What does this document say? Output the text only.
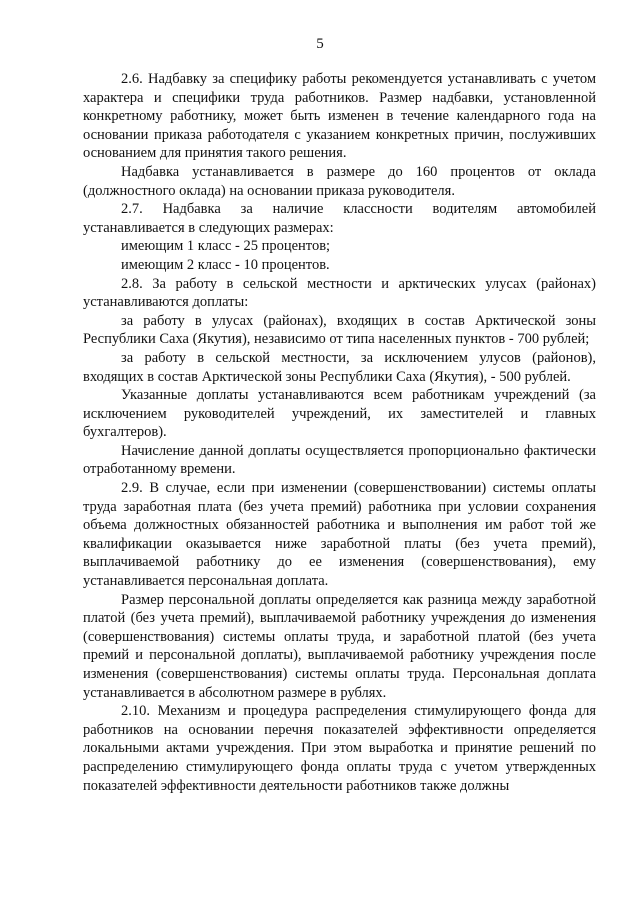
5

2.6. Надбавку за специфику работы рекомендуется устанавливать с учетом характера и специфики труда работников. Размер надбавки, установленной конкретному работнику, может быть изменен в течение календарного года на основании приказа работодателя с указанием конкретных причин, послуживших основанием для принятия такого решения.

Надбавка устанавливается в размере до 160 процентов от оклада (должностного оклада) на основании приказа руководителя.

2.7. Надбавка за наличие классности водителям автомобилей устанавливается в следующих размерах:

имеющим 1 класс - 25 процентов;

имеющим 2 класс - 10 процентов.

2.8. За работу в сельской местности и арктических улусах (районах) устанавливаются доплаты:

за работу в улусах (районах), входящих в состав Арктической зоны Республики Саха (Якутия), независимо от типа населенных пунктов - 700 рублей;

за работу в сельской местности, за исключением улусов (районов), входящих в состав Арктической зоны Республики Саха (Якутия), - 500 рублей.

Указанные доплаты устанавливаются всем работникам учреждений (за исключением руководителей учреждений, их заместителей и главных бухгалтеров).

Начисление данной доплаты осуществляется пропорционально фактически отработанному времени.

2.9. В случае, если при изменении (совершенствовании) системы оплаты труда заработная плата (без учета премий) работника при условии сохранения объема должностных обязанностей работника и выполнения им работ той же квалификации оказывается ниже заработной платы (без учета премий), выплачиваемой работнику до ее изменения (совершенствования), ему устанавливается персональная доплата.

Размер персональной доплаты определяется как разница между заработной платой (без учета премий), выплачиваемой работнику учреждения до изменения (совершенствования) системы оплаты труда, и заработной платой (без учета премий и персональной доплаты), выплачиваемой работнику учреждения после изменения (совершенствования) системы оплаты труда. Персональная доплата устанавливается в абсолютном размере в рублях.

2.10. Механизм и процедура распределения стимулирующего фонда для работников на основании перечня показателей эффективности определяется локальными актами учреждения. При этом выработка и принятие решений по распределению стимулирующего фонда оплаты труда с учетом утвержденных показателей эффективности деятельности работников также должны
